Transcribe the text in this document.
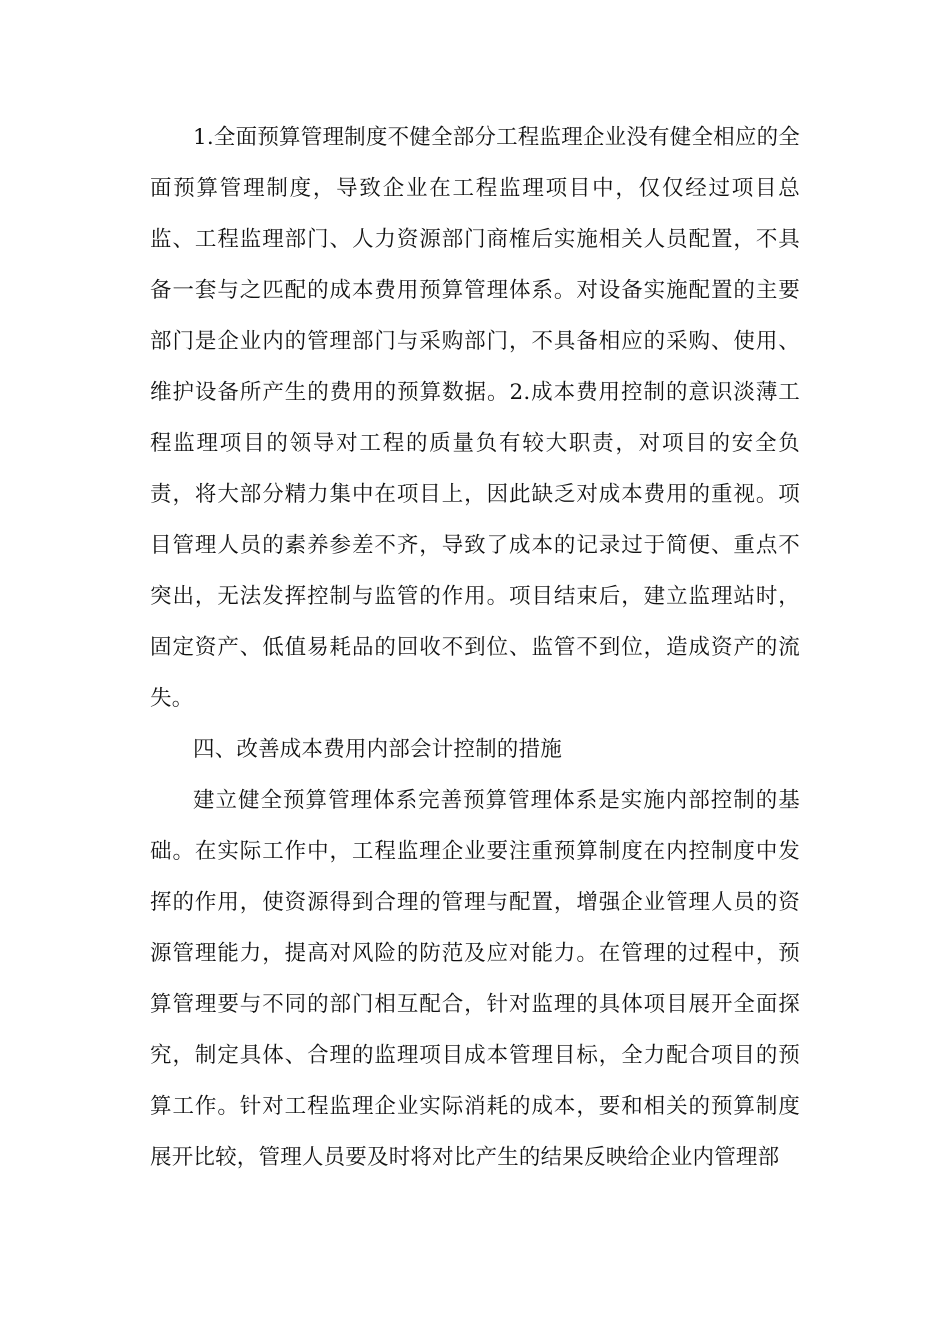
1.全面预算管理制度不健全部分工程监理企业没有健全相应的全面预算管理制度，导致企业在工程监理项目中，仅仅经过项目总监、工程监理部门、人力资源部门商榷后实施相关人员配置，不具备一套与之匹配的成本费用预算管理体系。对设备实施配置的主要部门是企业内的管理部门与采购部门，不具备相应的采购、使用、维护设备所产生的费用的预算数据。2.成本费用控制的意识淡薄工程监理项目的领导对工程的质量负有较大职责，对项目的安全负责，将大部分精力集中在项目上，因此缺乏对成本费用的重视。项目管理人员的素养参差不齐，导致了成本的记录过于简便、重点不突出，无法发挥控制与监管的作用。项目结束后，建立监理站时，固定资产、低值易耗品的回收不到位、监管不到位，造成资产的流失。

四、改善成本费用内部会计控制的措施

建立健全预算管理体系完善预算管理体系是实施内部控制的基础。在实际工作中，工程监理企业要注重预算制度在内控制度中发挥的作用，使资源得到合理的管理与配置，增强企业管理人员的资源管理能力，提高对风险的防范及应对能力。在管理的过程中，预算管理要与不同的部门相互配合，针对监理的具体项目展开全面探究，制定具体、合理的监理项目成本管理目标，全力配合项目的预算工作。针对工程监理企业实际消耗的成本，要和相关的预算制度展开比较，管理人员要及时将对比产生的结果反映给企业内管理部
